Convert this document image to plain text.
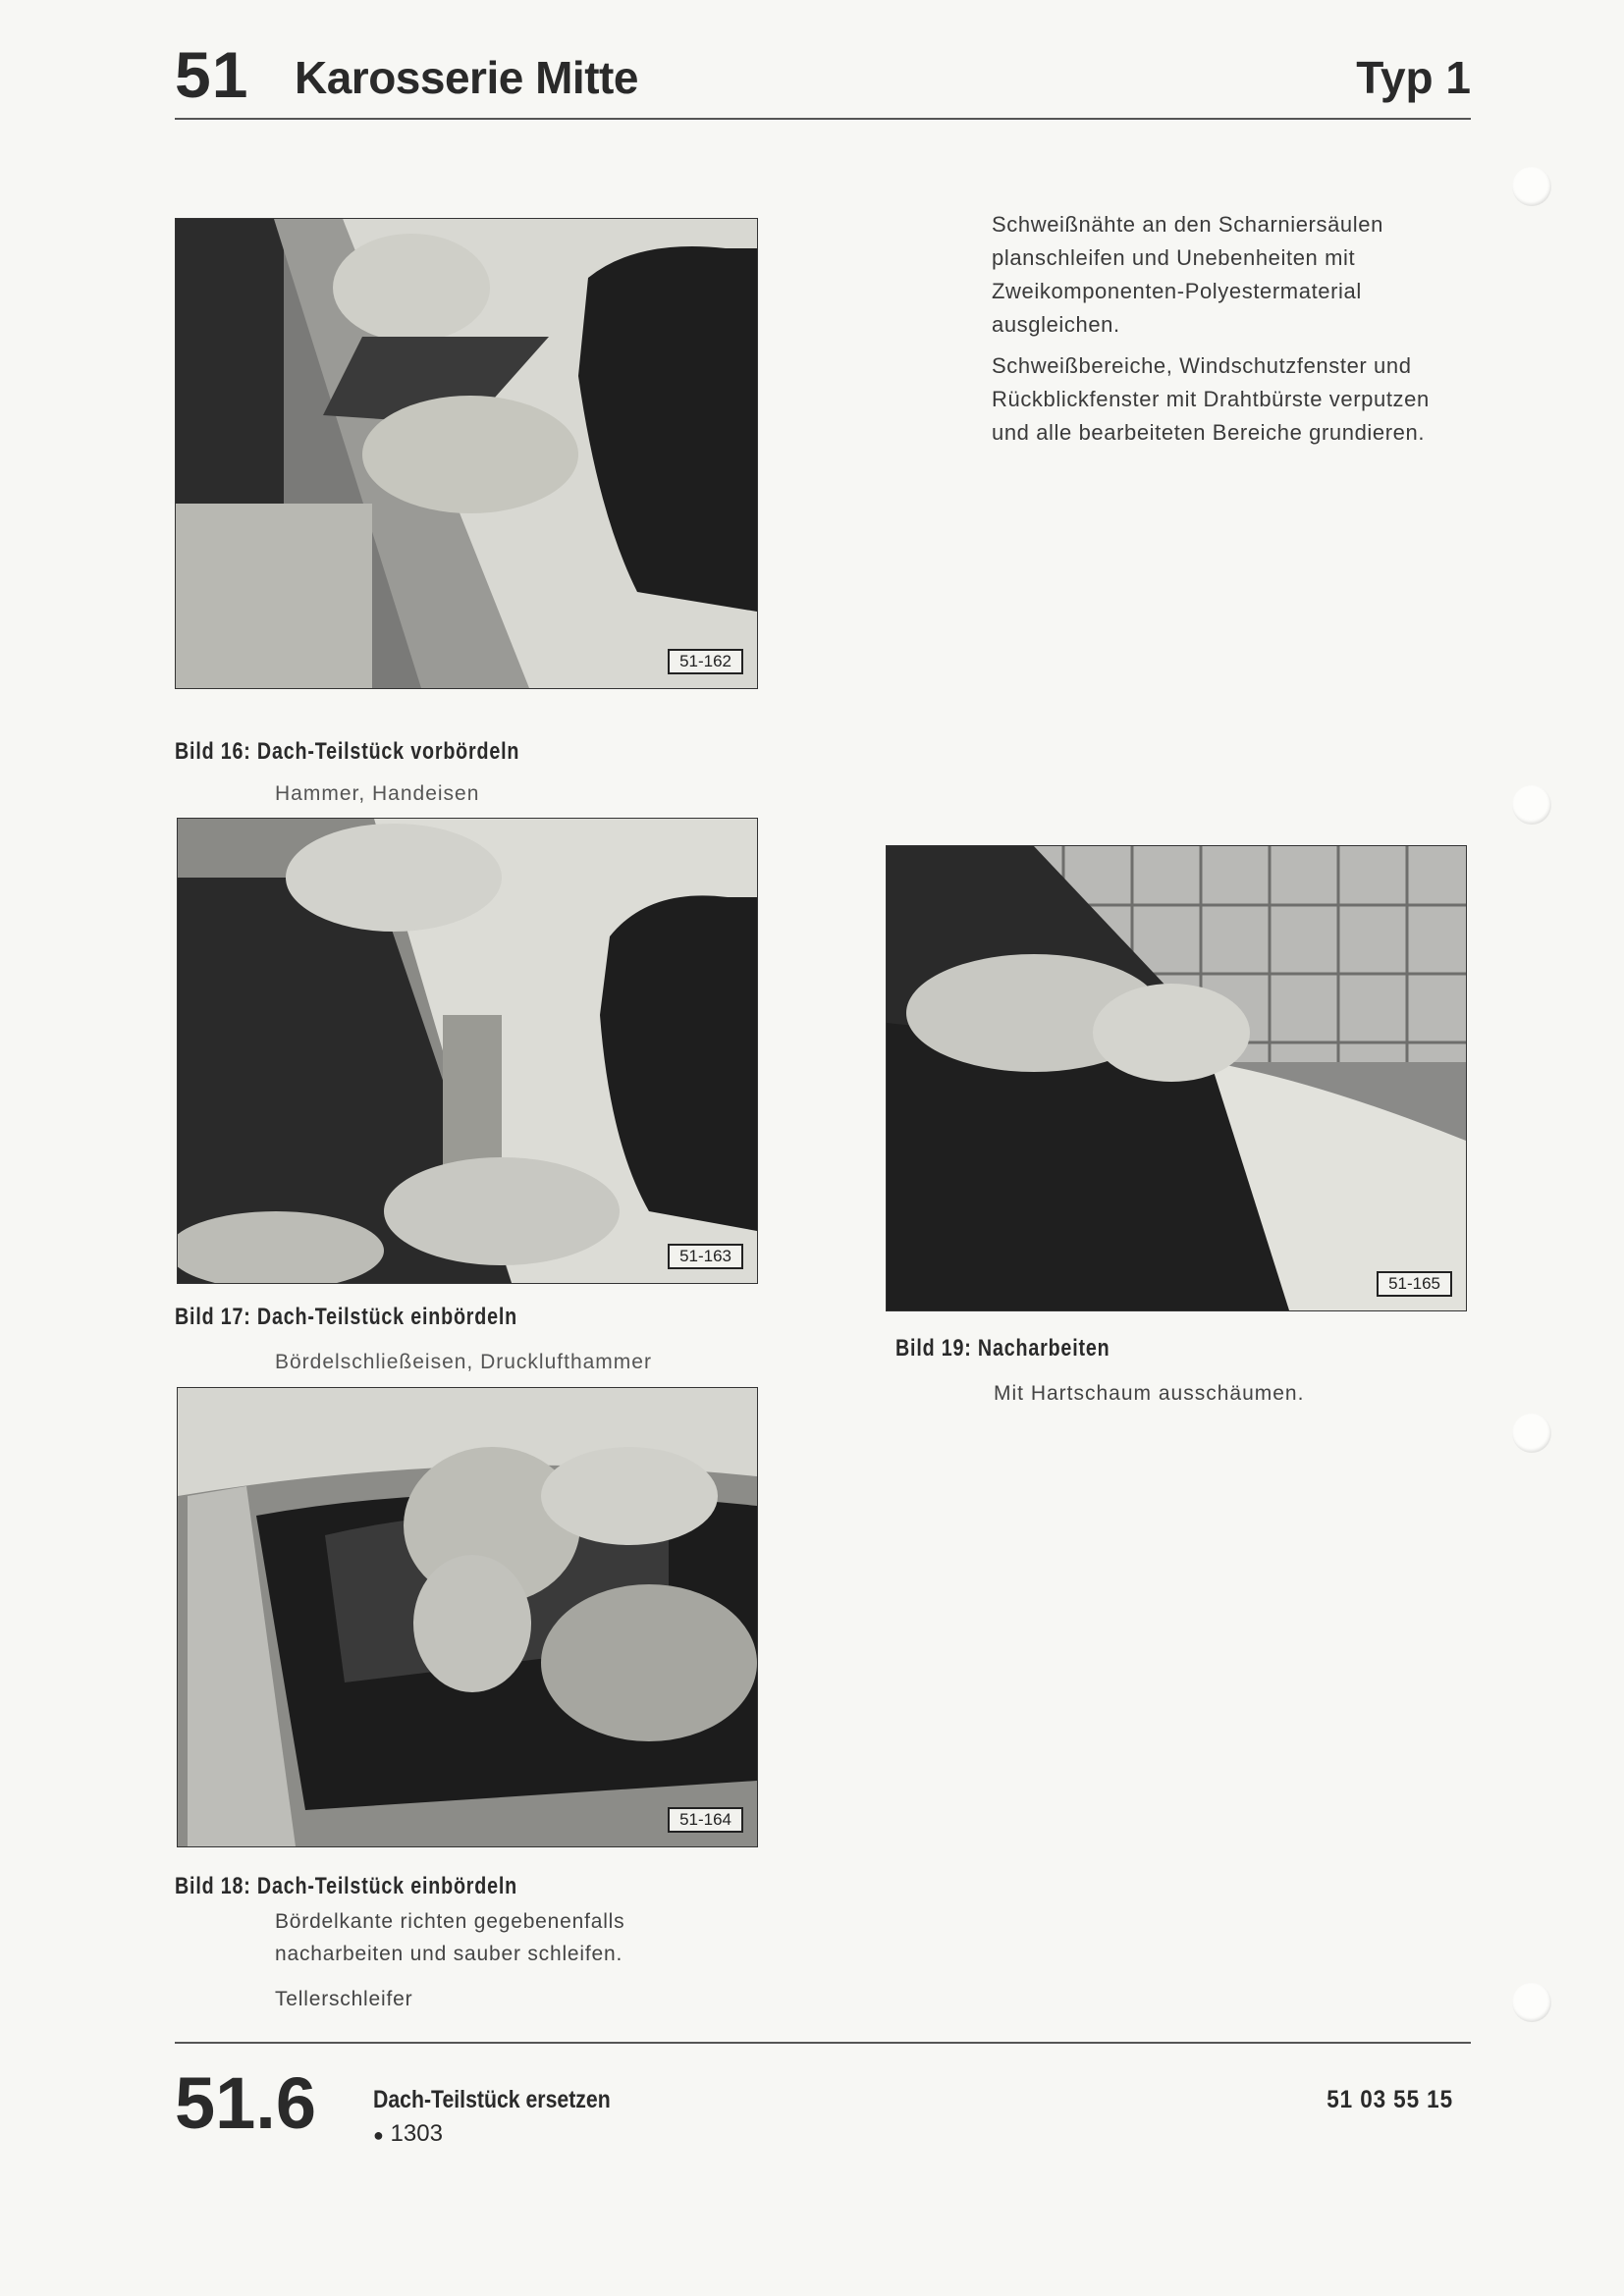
51 Karosserie Mitte	Typ 1
Schweißnähte an den Scharniersäulen planschleifen und Unebenheiten mit Zweikomponenten-Polyestermaterial ausgleichen.
Schweißbereiche, Windschutzfenster und Rückblickfenster mit Drahtbürste verputzen und alle bearbeiteten Bereiche grundieren.
51-162
Bild 16: Dach-Teilstück vorbördeln
Hammer, Handeisen
51-163
Bild 17: Dach-Teilstück einbördeln
Bördelschließeisen, Drucklufthammer
51-164
Bild 18: Dach-Teilstück einbördeln
Bördelkante richten gegebenenfalls
nacharbeiten und sauber schleifen.
Tellerschleifer
51-165
Bild 19: Nacharbeiten
Mit Hartschaum ausschäumen.
51.6 Dach-Teilstück ersetzen
● 1303
51 03 55 15
